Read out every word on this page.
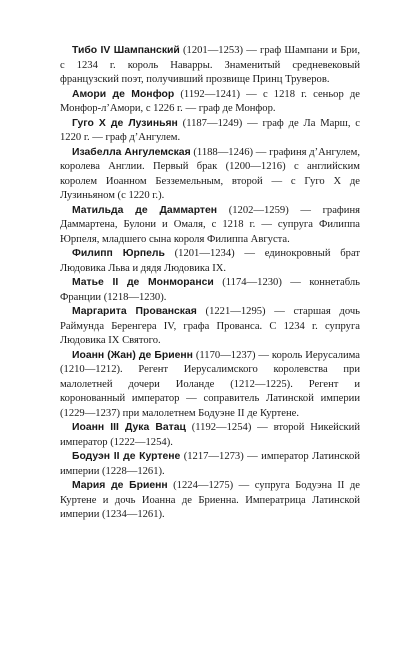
Тибо IV Шампанский (1201—1253) — граф Шампани и Бри, с 1234 г. король Наварры. Знаменитый средневековый французский поэт, получивший прозвище Принц Труверов.

Амори де Монфор (1192—1241) — с 1218 г. сеньор де Монфор-л’Амори, с 1226 г. — граф де Монфор.

Гуго X де Лузиньян (1187—1249) — граф де Ла Марш, с 1220 г. — граф д’Ангулем.

Изабелла Ангулемская (1188—1246) — графиня д’Ангулем, королева Англии. Первый брак (1200—1216) с английским королем Иоанном Безземельным, второй — с Гуго X де Лузиньяном (с 1220 г.).

Матильда де Даммартен (1202—1259) — графиня Даммартена, Булони и Омаля, с 1218 г. — супруга Филиппа Юрпеля, младшего сына короля Филиппа Августа.

Филипп Юрпель (1201—1234) — единокровный брат Людовика Льва и дядя Людовика IX.

Матье II де Монморанси (1174—1230) — коннетабль Франции (1218—1230).

Маргарита Прованская (1221—1295) — старшая дочь Раймунда Беренгера IV, графа Прованса. С 1234 г. супруга Людовика IX Святого.

Иоанн (Жан) де Бриенн (1170—1237) — король Иерусалима (1210—1212). Регент Иерусалимского королевства при малолетней дочери Иоланде (1212—1225). Регент и коронованный император — соправитель Латинской империи (1229—1237) при малолетнем Бодуэне II де Куртене.

Иоанн III Дука Ватац (1192—1254) — второй Никейский император (1222—1254).

Бодуэн II де Куртене (1217—1273) — император Латинской империи (1228—1261).

Мария де Бриенн (1224—1275) — супруга Бодуэна II де Куртене и дочь Иоанна де Бриенна. Императрица Латинской империи (1234—1261).
